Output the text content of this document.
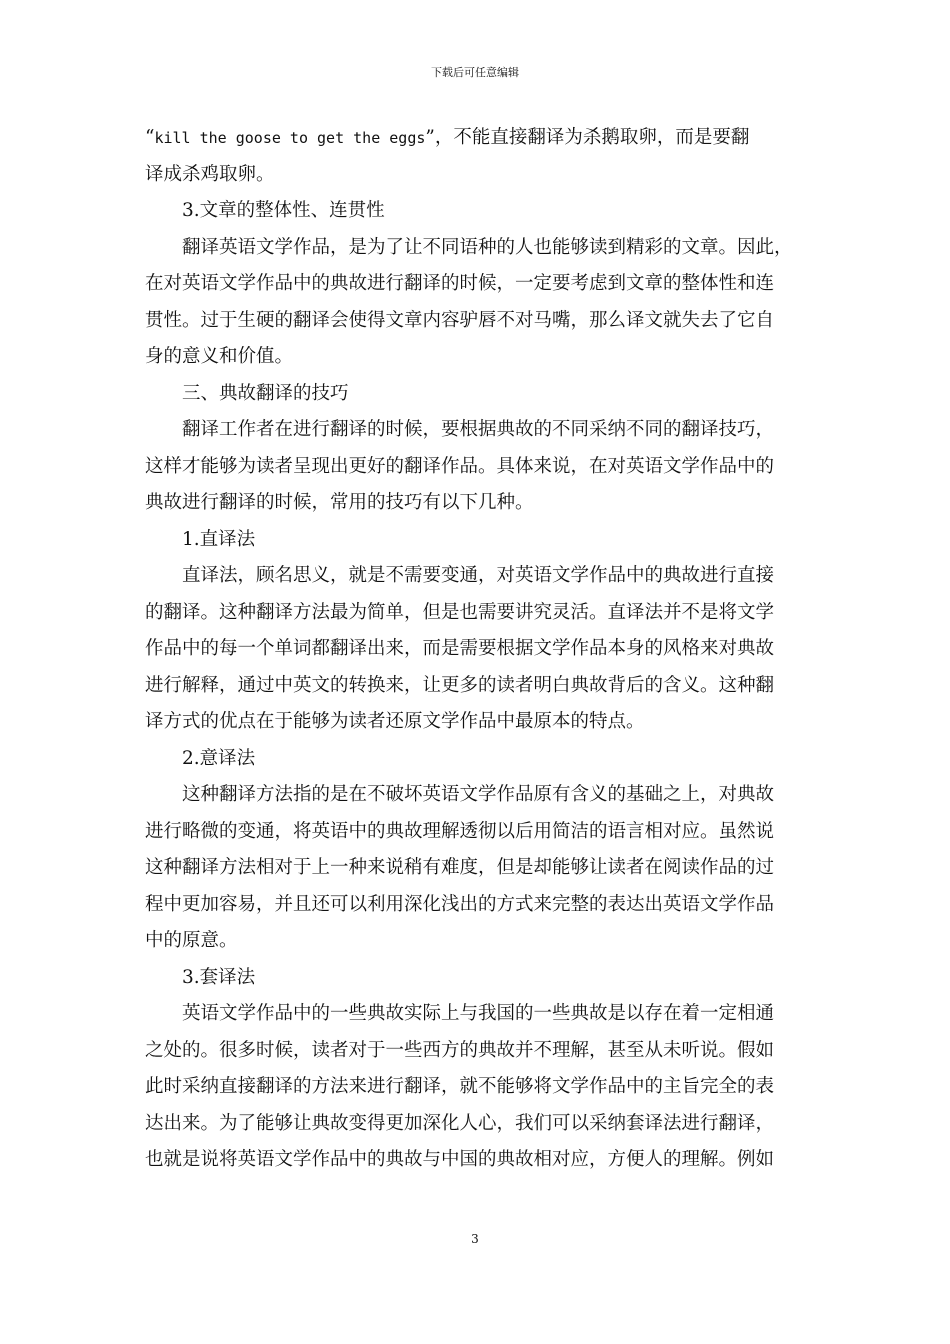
下载后可任意编辑
“kill the goose to get the eggs”，不能直接翻译为杀鹅取卵，而是要翻
译成杀鸡取卵。
3.文章的整体性、连贯性
翻译英语文学作品，是为了让不同语种的人也能够读到精彩的文章。因此，
在对英语文学作品中的典故进行翻译的时候，一定要考虑到文章的整体性和连
贯性。过于生硬的翻译会使得文章内容驴唇不对马嘴，那么译文就失去了它自
身的意义和价值。
三、典故翻译的技巧
翻译工作者在进行翻译的时候，要根据典故的不同采纳不同的翻译技巧，
这样才能够为读者呈现出更好的翻译作品。具体来说，在对英语文学作品中的
典故进行翻译的时候，常用的技巧有以下几种。
1.直译法
直译法，顾名思义，就是不需要变通，对英语文学作品中的典故进行直接
的翻译。这种翻译方法最为简单，但是也需要讲究灵活。直译法并不是将文学
作品中的每一个单词都翻译出来，而是需要根据文学作品本身的风格来对典故
进行解释，通过中英文的转换来，让更多的读者明白典故背后的含义。这种翻
译方式的优点在于能够为读者还原文学作品中最原本的特点。
2.意译法
这种翻译方法指的是在不破坏英语文学作品原有含义的基础之上，对典故
进行略微的变通，将英语中的典故理解透彻以后用简洁的语言相对应。虽然说
这种翻译方法相对于上一种来说稍有难度，但是却能够让读者在阅读作品的过
程中更加容易，并且还可以利用深化浅出的方式来完整的表达出英语文学作品
中的原意。
3.套译法
英语文学作品中的一些典故实际上与我国的一些典故是以存在着一定相通
之处的。很多时候，读者对于一些西方的典故并不理解，甚至从未听说。假如
此时采纳直接翻译的方法来进行翻译，就不能够将文学作品中的主旨完全的表
达出来。为了能够让典故变得更加深化人心，我们可以采纳套译法进行翻译，
也就是说将英语文学作品中的典故与中国的典故相对应，方便人的理解。例如
3
